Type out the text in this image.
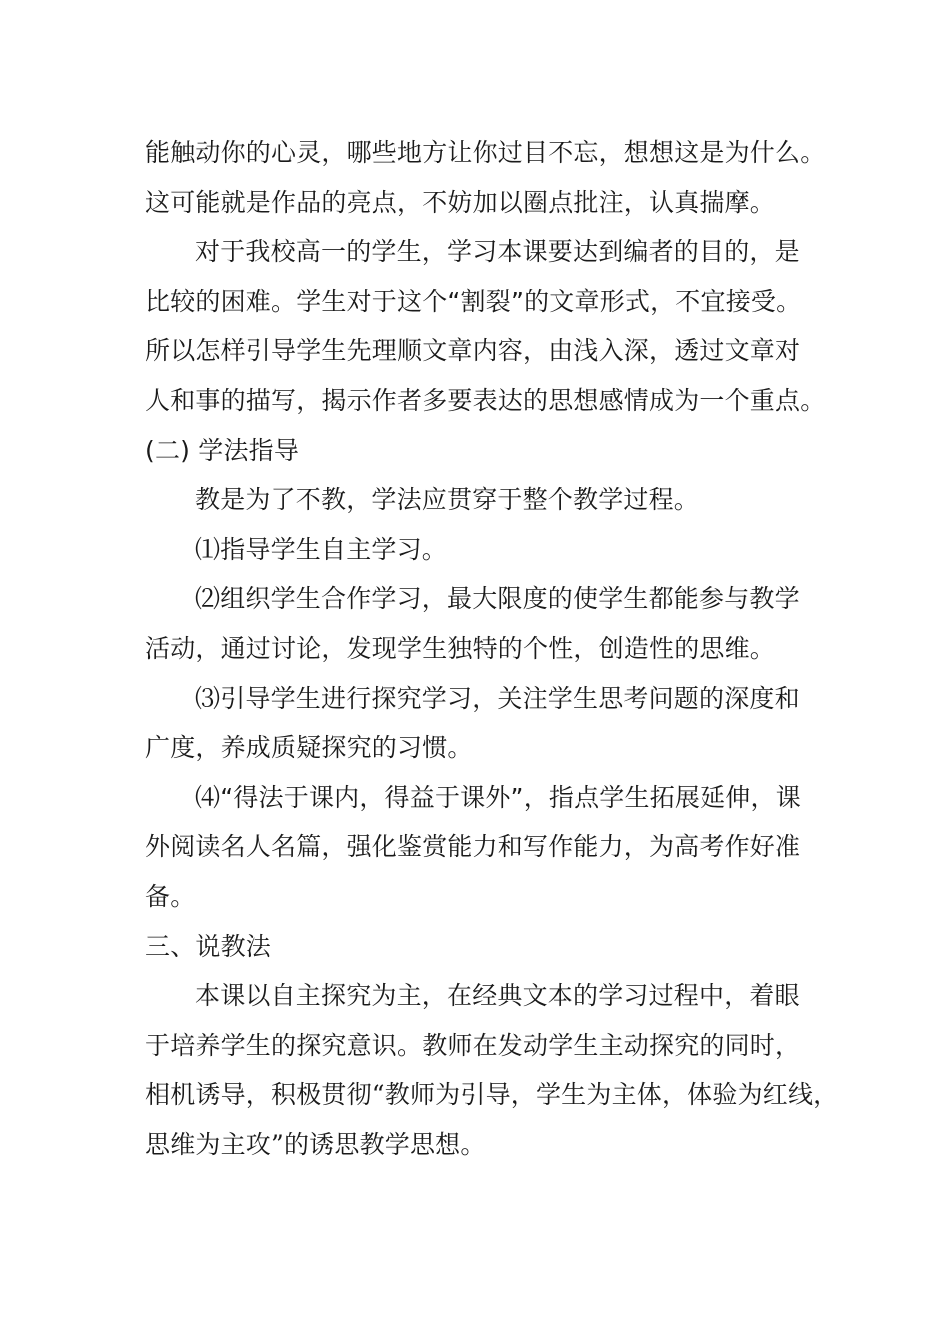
能触动你的心灵，哪些地方让你过目不忘，想想这是为什么。
这可能就是作品的亮点，不妨加以圈点批注，认真揣摩。
对于我校高一的学生，学习本课要达到编者的目的，是
比较的困难。学生对于这个“割裂”的文章形式，不宜接受。
所以怎样引导学生先理顺文章内容，由浅入深，透过文章对
人和事的描写，揭示作者多要表达的思想感情成为一个重点。
(二) 学法指导
教是为了不教，学法应贯穿于整个教学过程。
⑴指导学生自主学习。
⑵组织学生合作学习，最大限度的使学生都能参与教学
活动，通过讨论，发现学生独特的个性，创造性的思维。
⑶引导学生进行探究学习，关注学生思考问题的深度和
广度，养成质疑探究的习惯。
⑷“得法于课内，得益于课外”，指点学生拓展延伸，课
外阅读名人名篇，强化鉴赏能力和写作能力，为高考作好准
备。
三、说教法
本课以自主探究为主，在经典文本的学习过程中，着眼
于培养学生的探究意识。教师在发动学生主动探究的同时，
相机诱导，积极贯彻“教师为引导，学生为主体，体验为红线，
思维为主攻”的诱思教学思想。
